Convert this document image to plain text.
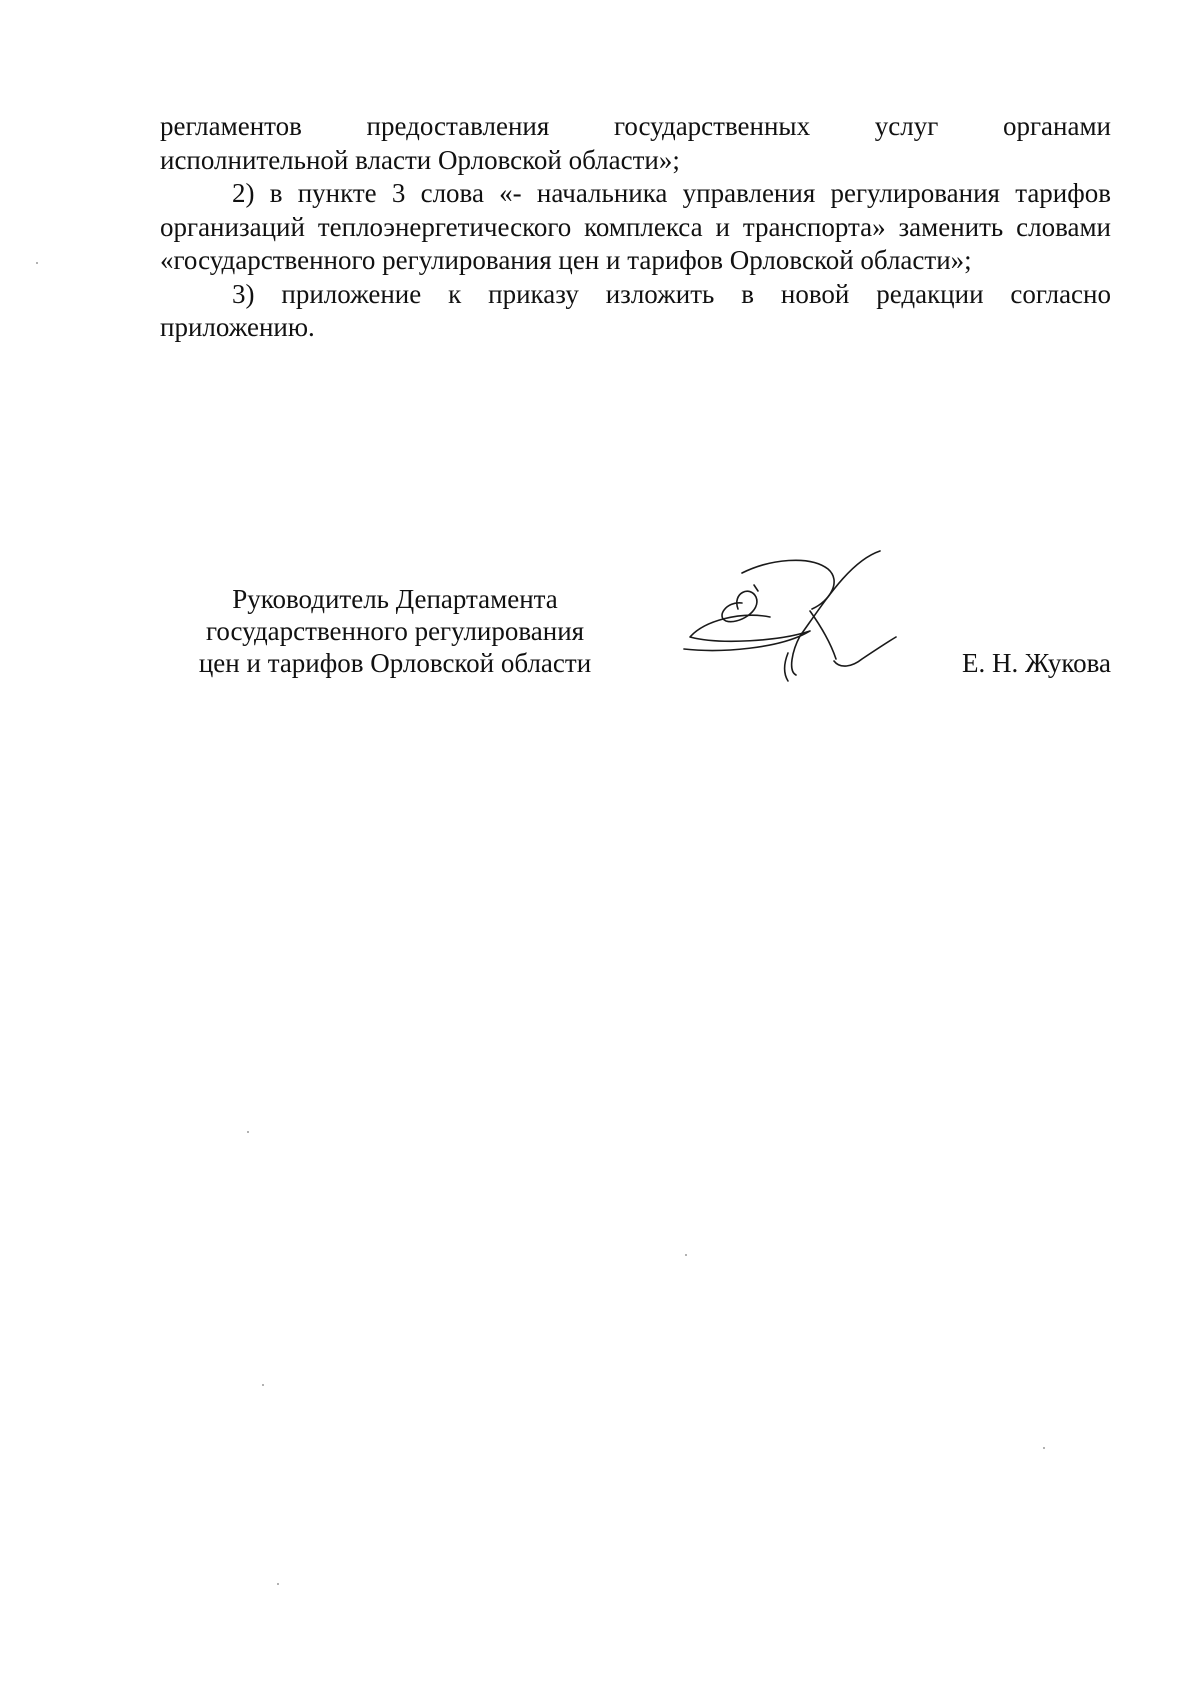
регламентов предоставления государственных услуг органами

исполнительной власти Орловской области»;

2) в пункте 3 слова «- начальника управления регулирования тарифов организаций теплоэнергетического комплекса и транспорта» заменить словами «государственного регулирования цен и тарифов Орловской области»;

3) приложение к приказу изложить в новой редакции согласно приложению.

Руководитель Департамента
государственного регулирования
цен и тарифов Орловской области	Е. Н. Жукова
